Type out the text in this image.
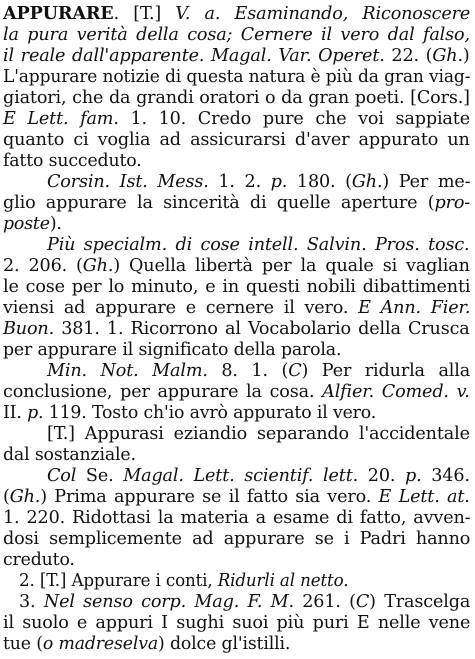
APPURARE. [T.] V. a. Esaminando, Riconoscere
la pura verità della cosa; Cernere il vero dal falso,
il reale dall'apparente. Magal. Var. Operet. 22. (Gh.)
L'appurare notizie di questa natura è più da gran viag-
giatori, che da grandi oratori o da gran poeti. [Cors.]
E Lett. fam. 1. 10. Credo pure che voi sappiate
quanto ci voglia ad assicurarsi d'aver appurato un
fatto succeduto.
Corsin. Ist. Mess. 1. 2. p. 180. (Gh.) Per me-
glio appurare la sincerità di quelle aperture (pro-
poste).
Più specialm. di cose intell. Salvin. Pros. tosc.
2. 206. (Gh.) Quella libertà per la quale si vaglian
le cose per lo minuto, e in questi nobili dibattimenti
viensi ad appurare e cernere il vero. E Ann. Fier.
Buon. 381. 1. Ricorrono al Vocabolario della Crusca
per appurare il significato della parola.
Min. Not. Malm. 8. 1. (C) Per ridurla alla
conclusione, per appurare la cosa. Alfier. Comed. v.
II. p. 119. Tosto ch'io avrò appurato il vero.
[T.] Appurasi eziandio separando l'accidentale
dal sostanziale.
Col Se. Magal. Lett. scientif. lett. 20. p. 346.
(Gh.) Prima appurare se il fatto sia vero. E Lett. at.
1. 220. Ridottasi la materia a esame di fatto, avven-
dosi semplicemente ad appurare se i Padri hanno
creduto.
2. [T.] Appurare i conti, Ridurli al netto.
3. Nel senso corp. Mag. F. M. 261. (C) Trascelga
il suolo e appuri I sughi suoi più puri E nelle vene
tue (o madreselva) dolce gl'istilli.
